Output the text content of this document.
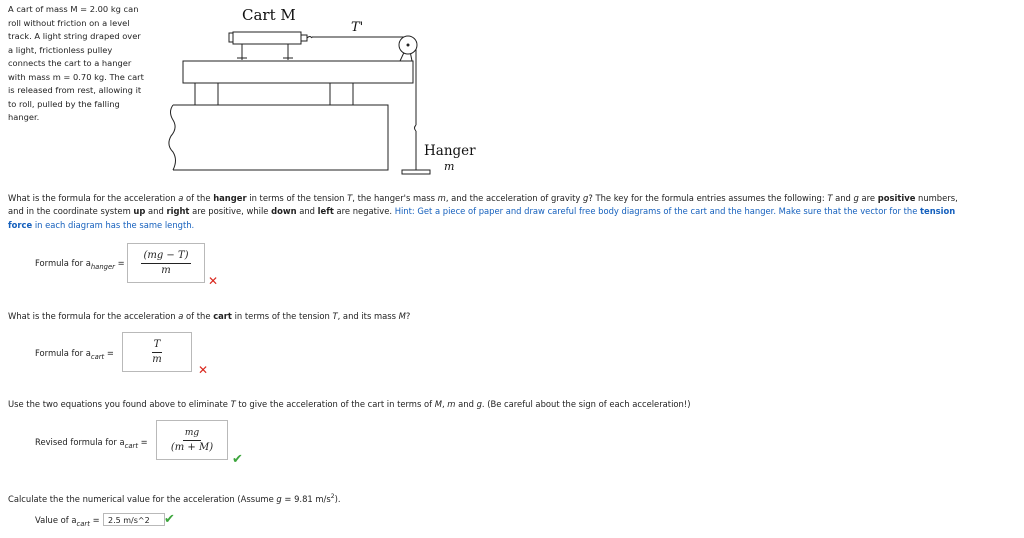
A cart of mass M = 2.00 kg can
roll without friction on a level
track. A light string draped over
a light, frictionless pulley
connects the cart to a hanger
with mass m = 0.70 kg. The cart
is released from rest, allowing it
to roll, pulled by the falling
hanger.
Cart M
T'
Hanger
m
What is the formula for the acceleration a of the hanger in terms of the tension T, the hanger's mass m, and the acceleration of gravity g? The key for the formula entries assumes the following: T and g are positive numbers,
and in the coordinate system up and right are positive, while down and left are negative. Hint: Get a piece of paper and draw careful free body diagrams of the cart and the hanger. Make sure that the vector for the tension
force in each diagram has the same length.
Formula for $a_{hanger} = \frac{(mg - T)}{m}$ ✕
What is the formula for the acceleration a of the cart in terms of the tension T, and its mass M?
Formula for $a_{cart} = \frac{T}{m}$ ✕
Use the two equations you found above to eliminate T to give the acceleration of the cart in terms of M, m and g. (Be careful about the sign of each acceleration!)
Revised formula for $a_{cart} = \frac{mg}{(m + M)}$ ✔
Calculate the the numerical value for the acceleration (Assume g = 9.81 $m/s^2$).
Value of $a_{cart}$ =	2.5 m/s^2	✔
